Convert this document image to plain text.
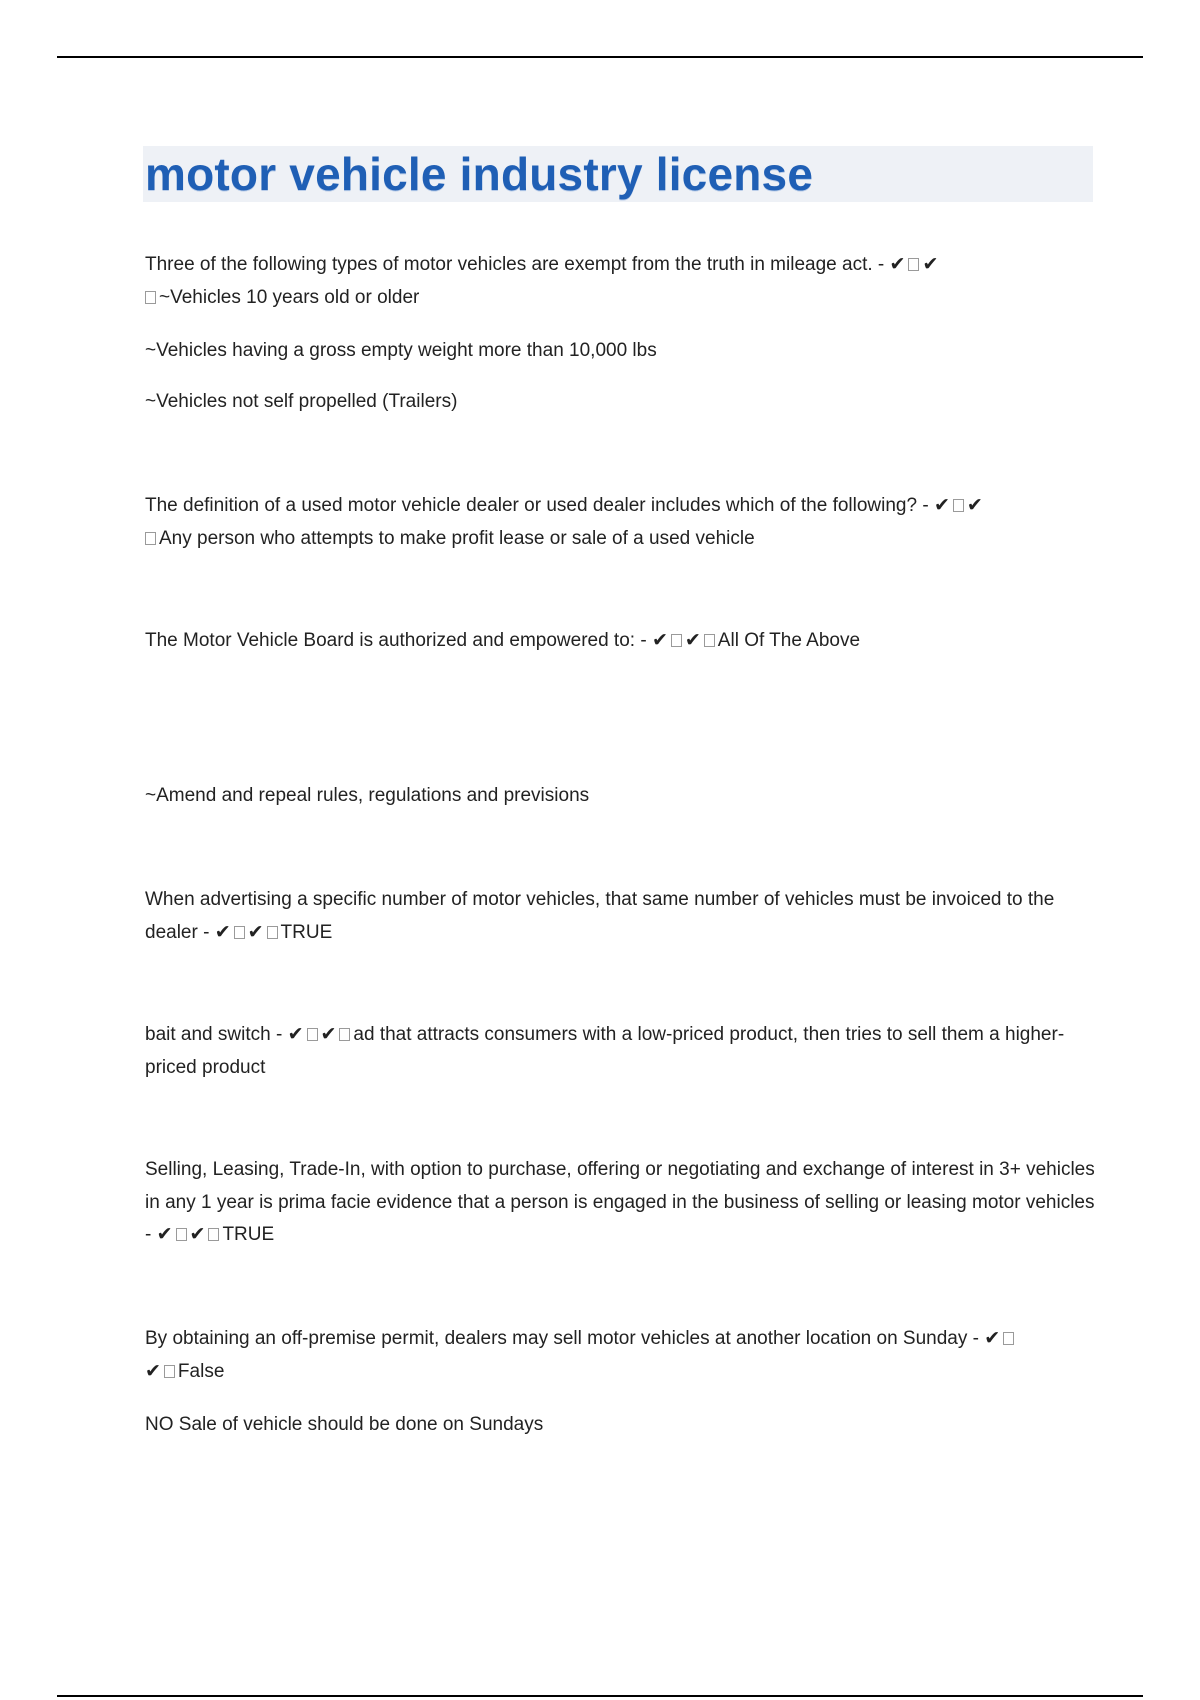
motor vehicle industry license

Three of the following types of motor vehicles are exempt from the truth in mileage act. - ✔ ✔
~Vehicles 10 years old or older

~Vehicles having a gross empty weight more than 10,000 lbs

~Vehicles not self propelled (Trailers)

The definition of a used motor vehicle dealer or used dealer includes which of the following? - ✔ ✔
Any person who attempts to make profit lease or sale of a used vehicle

The Motor Vehicle Board is authorized and empowered to: - ✔ ✔ All Of The Above

~Amend and repeal rules, regulations and previsions

When advertising a specific number of motor vehicles, that same number of vehicles must be invoiced to the dealer - ✔ ✔ TRUE

bait and switch - ✔ ✔ ad that attracts consumers with a low-priced product, then tries to sell them a higher-priced product

Selling, Leasing, Trade-In, with option to purchase, offering or negotiating and exchange of interest in 3+ vehicles in any 1 year is prima facie evidence that a person is engaged in the business of selling or leasing motor vehicles - ✔ ✔ TRUE

By obtaining an off-premise permit, dealers may sell motor vehicles at another location on Sunday - ✔
✔ False

NO Sale of vehicle should be done on Sundays
